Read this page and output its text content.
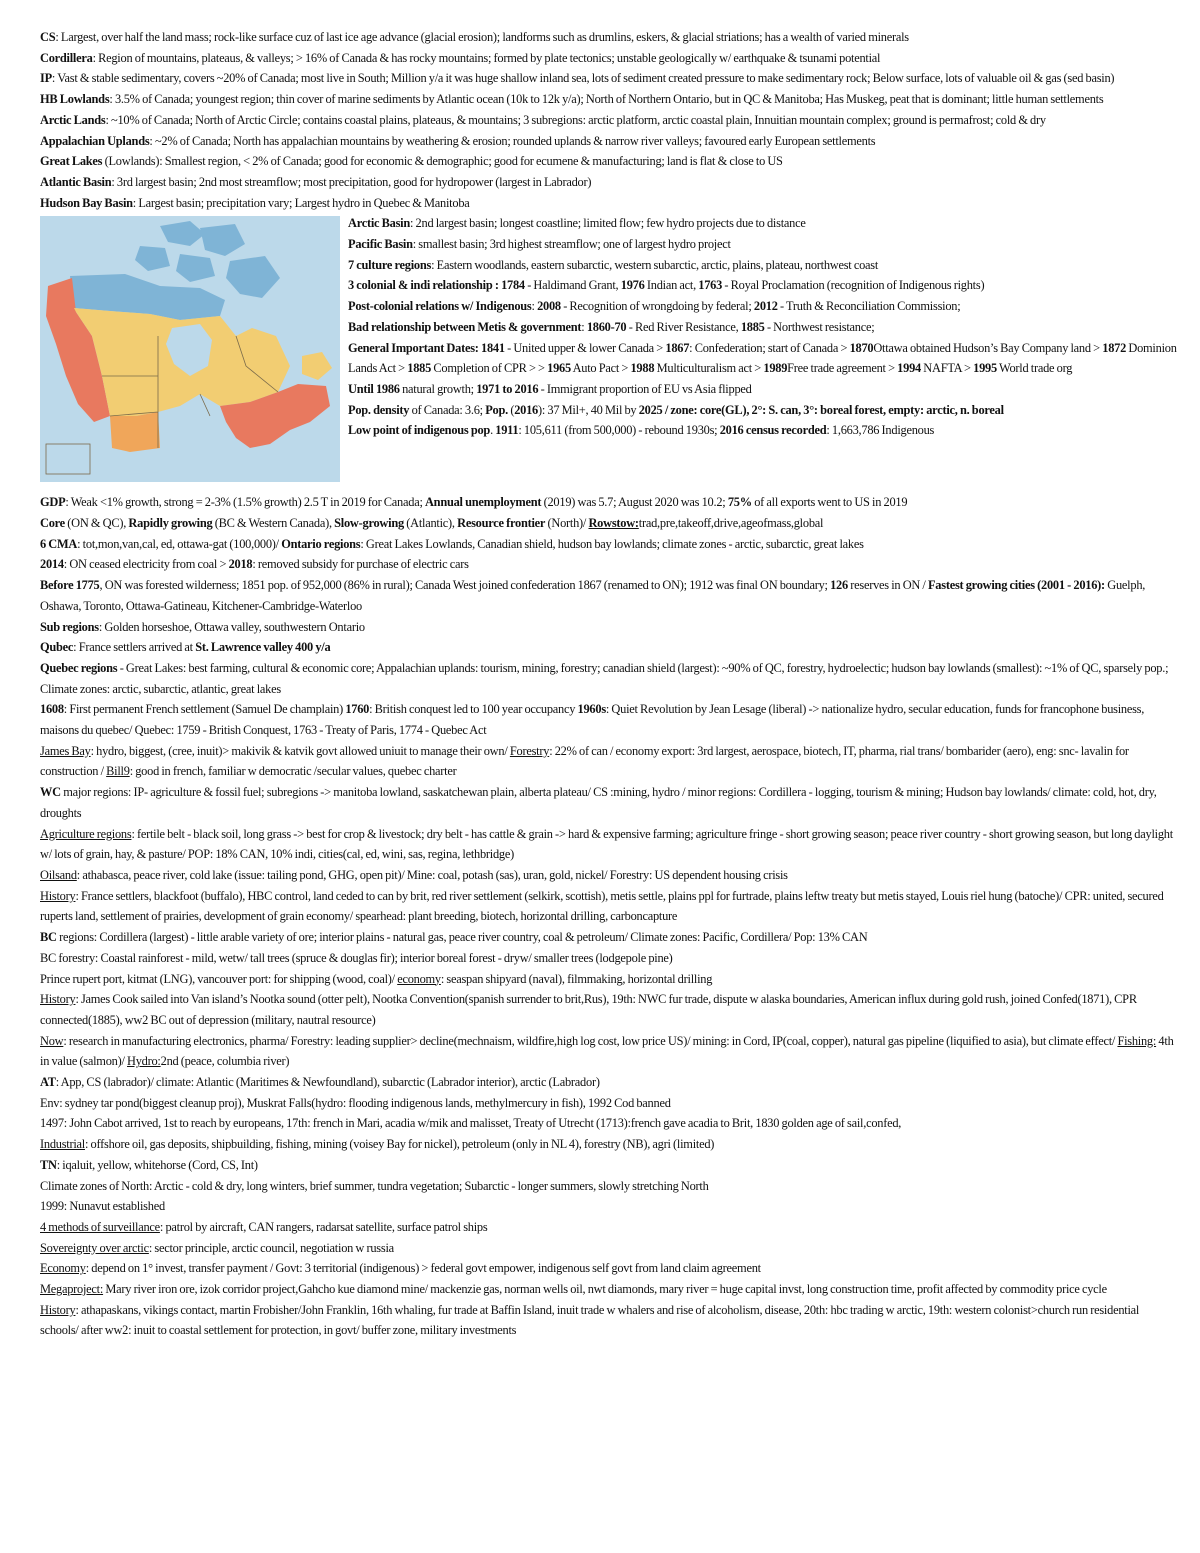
CS: Largest, over half the land mass; rock-like surface cuz of last ice age advance (glacial erosion); landforms such as drumlins, eskers, & glacial striations; has a wealth of varied minerals

Cordillera: Region of mountains, plateaus, & valleys; > 16% of Canada & has rocky mountains; formed by plate tectonics; unstable geologically w/ earthquake & tsunami potential

IP: Vast & stable sedimentary, covers ~20% of Canada; most live in South; Million y/a it was huge shallow inland sea, lots of sediment created pressure to make sedimentary rock; Below surface, lots of valuable oil & gas (sed basin)

HB Lowlands: 3.5% of Canada; youngest region; thin cover of marine sediments by Atlantic ocean (10k to 12k y/a); North of Northern Ontario, but in QC & Manitoba; Has Muskeg, peat that is dominant; little human settlements

Arctic Lands: ~10% of Canada; North of Arctic Circle; contains coastal plains, plateaus, & mountains; 3 subregions: arctic platform, arctic coastal plain, Innuitian mountain complex; ground is permafrost; cold & dry

Appalachian Uplands: ~2% of Canada; North has appalachian mountains by weathering & erosion; rounded uplands & narrow river valleys; favoured early European settlements

Great Lakes (Lowlands): Smallest region, < 2% of Canada; good for economic & demographic; good for ecumene & manufacturing; land is flat & close to US

Atlantic Basin: 3rd largest basin; 2nd most streamflow; most precipitation, good for hydropower (largest in Labrador)

Hudson Bay Basin: Largest basin; precipitation vary; Largest hydro in Quebec & Manitoba

Arctic Basin: 2nd largest basin; longest coastline; limited flow; few hydro projects due to distance

Pacific Basin: smallest basin; 3rd highest streamflow; one of largest hydro project

7 culture regions: Eastern woodlands, eastern subarctic, western subarctic, arctic, plains, plateau, northwest coast

3 colonial & indi relationship : 1784 - Haldimand Grant, 1976 Indian act, 1763 - Royal Proclamation (recognition of Indigenous rights)

Post-colonial relations w/ Indigenous: 2008 - Recognition of wrongdoing by federal; 2012 - Truth & Reconciliation Commission;

Bad relationship between Metis & government: 1860-70 - Red River Resistance, 1885 - Northwest resistance;

General Important Dates: 1841 - United upper & lower Canada > 1867: Confederation; start of Canada > 1870Ottawa obtained Hudson’s Bay Company land > 1872 Dominion Lands Act > 1885 Completion of CPR > > 1965 Auto Pact > 1988 Multiculturalism act > 1989Free trade agreement > 1994 NAFTA > 1995 World trade org

Until 1986 natural growth; 1971 to 2016 - Immigrant proportion of EU vs Asia flipped

Pop. density of Canada: 3.6; Pop. (2016): 37 Mil+, 40 Mil by 2025 / zone: core(GL), 2°: S. can, 3°: boreal forest, empty: arctic, n. boreal

Low point of indigenous pop. 1911: 105,611 (from 500,000) - rebound 1930s; 2016 census recorded: 1,663,786 Indigenous

GDP: Weak <1% growth, strong = 2-3% (1.5% growth) 2.5 T in 2019 for Canada; Annual unemployment (2019) was 5.7; August 2020 was 10.2; 75% of all exports went to US in 2019

Core (ON & QC), Rapidly growing (BC & Western Canada), Slow-growing (Atlantic), Resource frontier (North)/ Rowstow:trad,pre,takeoff,drive,ageofmass,global

6 CMA: tot,mon,van,cal, ed, ottawa-gat (100,000)/ Ontario regions: Great Lakes Lowlands, Canadian shield, hudson bay lowlands; climate zones - arctic, subarctic, great lakes

2014: ON ceased electricity from coal > 2018: removed subsidy for purchase of electric cars

Before 1775, ON was forested wilderness; 1851 pop. of 952,000 (86% in rural); Canada West joined confederation 1867 (renamed to ON); 1912 was final ON boundary; 126 reserves in ON / Fastest growing cities (2001 - 2016): Guelph, Oshawa, Toronto, Ottawa-Gatineau, Kitchener-Cambridge-Waterloo

Sub regions: Golden horseshoe, Ottawa valley, southwestern Ontario

Qubec: France settlers arrived at St. Lawrence valley 400 y/a

Quebec regions - Great Lakes: best farming, cultural & economic core; Appalachian uplands: tourism, mining, forestry; canadian shield (largest): ~90% of QC, forestry, hydroelectic; hudson bay lowlands (smallest): ~1% of QC, sparsely pop.; Climate zones: arctic, subarctic, atlantic, great lakes

1608: First permanent French settlement (Samuel De champlain) 1760: British conquest led to 100 year occupancy 1960s: Quiet Revolution by Jean Lesage (liberal) -> nationalize hydro, secular education, funds for francophone business, maisons du quebec/ Quebec: 1759 - British Conquest, 1763 - Treaty of Paris, 1774 - Quebec Act

James Bay: hydro, biggest, (cree, inuit)> makivik & katvik govt allowed uniuit to manage their own/ Forestry: 22% of can / economy export: 3rd largest, aerospace, biotech, IT, pharma, rial trans/ bombarider (aero), eng: snc- lavalin for construction / Bill9: good in french, familiar w democratic /secular values, quebec charter

WC major regions: IP- agriculture & fossil fuel; subregions -> manitoba lowland, saskatchewan plain, alberta plateau/ CS :mining, hydro / minor regions: Cordillera - logging, tourism & mining; Hudson bay lowlands/ climate: cold, hot, dry, droughts

Agriculture regions: fertile belt - black soil, long grass -> best for crop & livestock; dry belt - has cattle & grain -> hard & expensive farming; agriculture fringe - short growing season; peace river country - short growing season, but long daylight w/ lots of grain, hay, & pasture/ POP: 18% CAN, 10% indi, cities(cal, ed, wini, sas, regina, lethbridge)

Oilsand: athabasca, peace river, cold lake (issue: tailing pond, GHG, open pit)/ Mine: coal, potash (sas), uran, gold, nickel/ Forestry: US dependent housing crisis

History: France settlers, blackfoot (buffalo), HBC control, land ceded to can by brit, red river settlement (selkirk, scottish), metis settle, plains ppl for furtrade, plains leftw treaty but metis stayed, Louis riel hung (batoche)/ CPR: united, secured ruperts land, settlement of prairies, development of grain economy/ spearhead: plant breeding, biotech, horizontal drilling, carboncapture

BC regions: Cordillera (largest) - little arable variety of ore; interior plains - natural gas, peace river country, coal & petroleum/ Climate zones: Pacific, Cordillera/ Pop: 13% CAN

BC forestry: Coastal rainforest - mild, wetw/ tall trees (spruce & douglas fir); interior boreal forest - dryw/ smaller trees (lodgepole pine)

Prince rupert port, kitmat (LNG), vancouver port: for shipping (wood, coal)/ economy: seaspan shipyard (naval), filmmaking, horizontal drilling

History: James Cook sailed into Van island’s Nootka sound (otter pelt), Nootka Convention(spanish surrender to brit,Rus), 19th: NWC fur trade, dispute w alaska boundaries, American influx during gold rush, joined Confed(1871), CPR connected(1885), ww2 BC out of depression (military, nautral resource)

Now: research in manufacturing electronics, pharma/ Forestry: leading supplier> decline(mechnaism, wildfire,high log cost, low price US)/ mining: in Cord, IP(coal, copper), natural gas pipeline (liquified to asia), but climate effect/ Fishing: 4th in value (salmon)/ Hydro:2nd (peace, columbia river)

AT: App, CS (labrador)/ climate: Atlantic (Maritimes & Newfoundland), subarctic (Labrador interior), arctic (Labrador)

Env: sydney tar pond(biggest cleanup proj), Muskrat Falls(hydro: flooding indigenous lands, methylmercury in fish), 1992 Cod banned

1497: John Cabot arrived, 1st to reach by europeans, 17th: french in Mari, acadia w/mik and malisset, Treaty of Utrecht (1713):french gave acadia to Brit, 1830 golden age of sail,confed,

Industrial: offshore oil, gas deposits, shipbuilding, fishing, mining (voisey Bay for nickel), petroleum (only in NL 4), forestry (NB), agri (limited)

TN: iqaluit, yellow, whitehorse (Cord, CS, Int)

Climate zones of North: Arctic - cold & dry, long winters, brief summer, tundra vegetation; Subarctic - longer summers, slowly stretching North

1999: Nunavut established

4 methods of surveillance: patrol by aircraft, CAN rangers, radarsat satellite, surface patrol ships

Sovereignty over arctic: sector principle, arctic council, negotiation w russia

Economy: depend on 1° invest, transfer payment / Govt: 3 territorial (indigenous) > federal govt empower, indigenous self govt from land claim agreement

Megaproject: Mary river iron ore, izok corridor project,Gahcho kue diamond mine/ mackenzie gas, norman wells oil, nwt diamonds, mary river = huge capital invst, long construction time, profit affected by commodity price cycle

History: athapaskans, vikings contact, martin Frobisher/John Franklin, 16th whaling, fur trade at Baffin Island, inuit trade w whalers and rise of alcoholism, disease, 20th: hbc trading w arctic, 19th: western colonist>church run residential schools/ after ww2: inuit to coastal settlement for protection, in govt/ buffer zone, military investments
